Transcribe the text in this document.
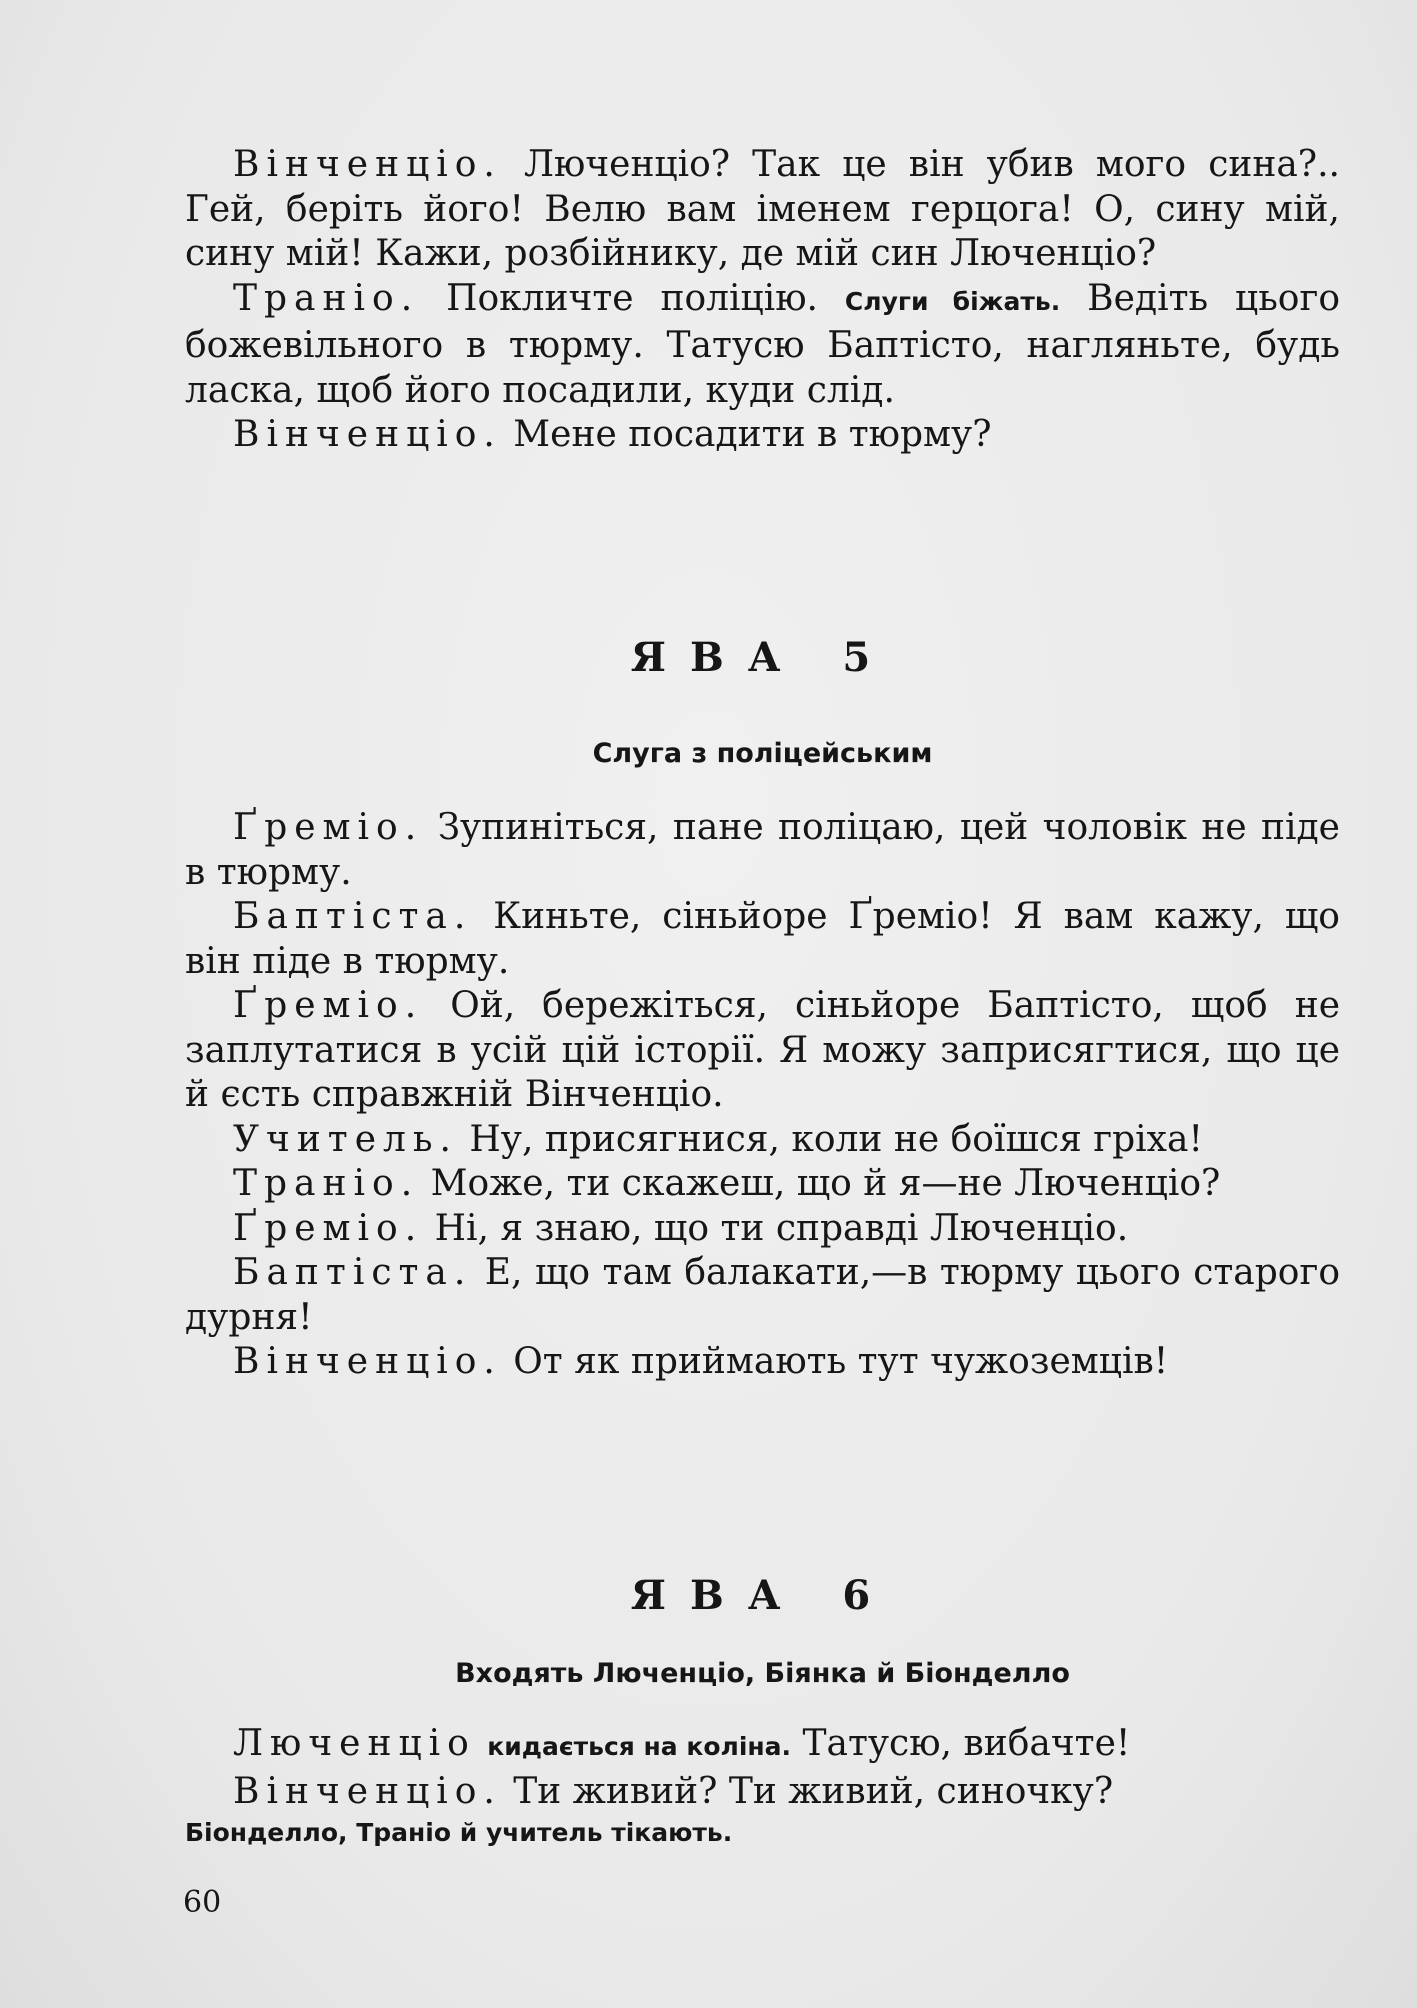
Вінченціо. Люченціо? Так це він убив мого сина?.. Гей, беріть його! Велю вам іменем герцога! О, сину мій, сину мій! Кажи, розбійнику, де мій син Люченціо?

Траніо. Покличте поліцію. Слуги біжать. Ведіть цього божевільного в тюрму. Татусю Баптісто, нагляньте, будь ласка, щоб його посадили, куди слід.

Вінченціо. Мене посадити в тюрму?

ЯВА 5

Слуга з поліцейським

Ґреміо. Зупиніться, пане поліцаю, цей чоловік не піде в тюрму.

Баптіста. Киньте, сіньйоре Ґреміо! Я вам кажу, що він піде в тюрму.

Ґреміо. Ой, бережіться, сіньйоре Баптісто, щоб не заплутатися в усій цій історії. Я можу заприсягтися, що це й єсть справжній Вінченціо.

Учитель. Ну, присягнися, коли не боїшся гріха!

Траніо. Може, ти скажеш, що й я—не Люченціо?

Ґреміо. Ні, я знаю, що ти справді Люченціо.

Баптіста. Е, що там балакати,—в тюрму цього старого дурня!

Вінченціо. От як приймають тут чужоземців!

ЯВА 6

Входять Люченціо, Біянка й Біонделло

Люченціо кидається на коліна. Татусю, вибачте!

Вінченціо. Ти живий? Ти живий, синочку?

Біонделло, Траніо й учитель тікають.

60
